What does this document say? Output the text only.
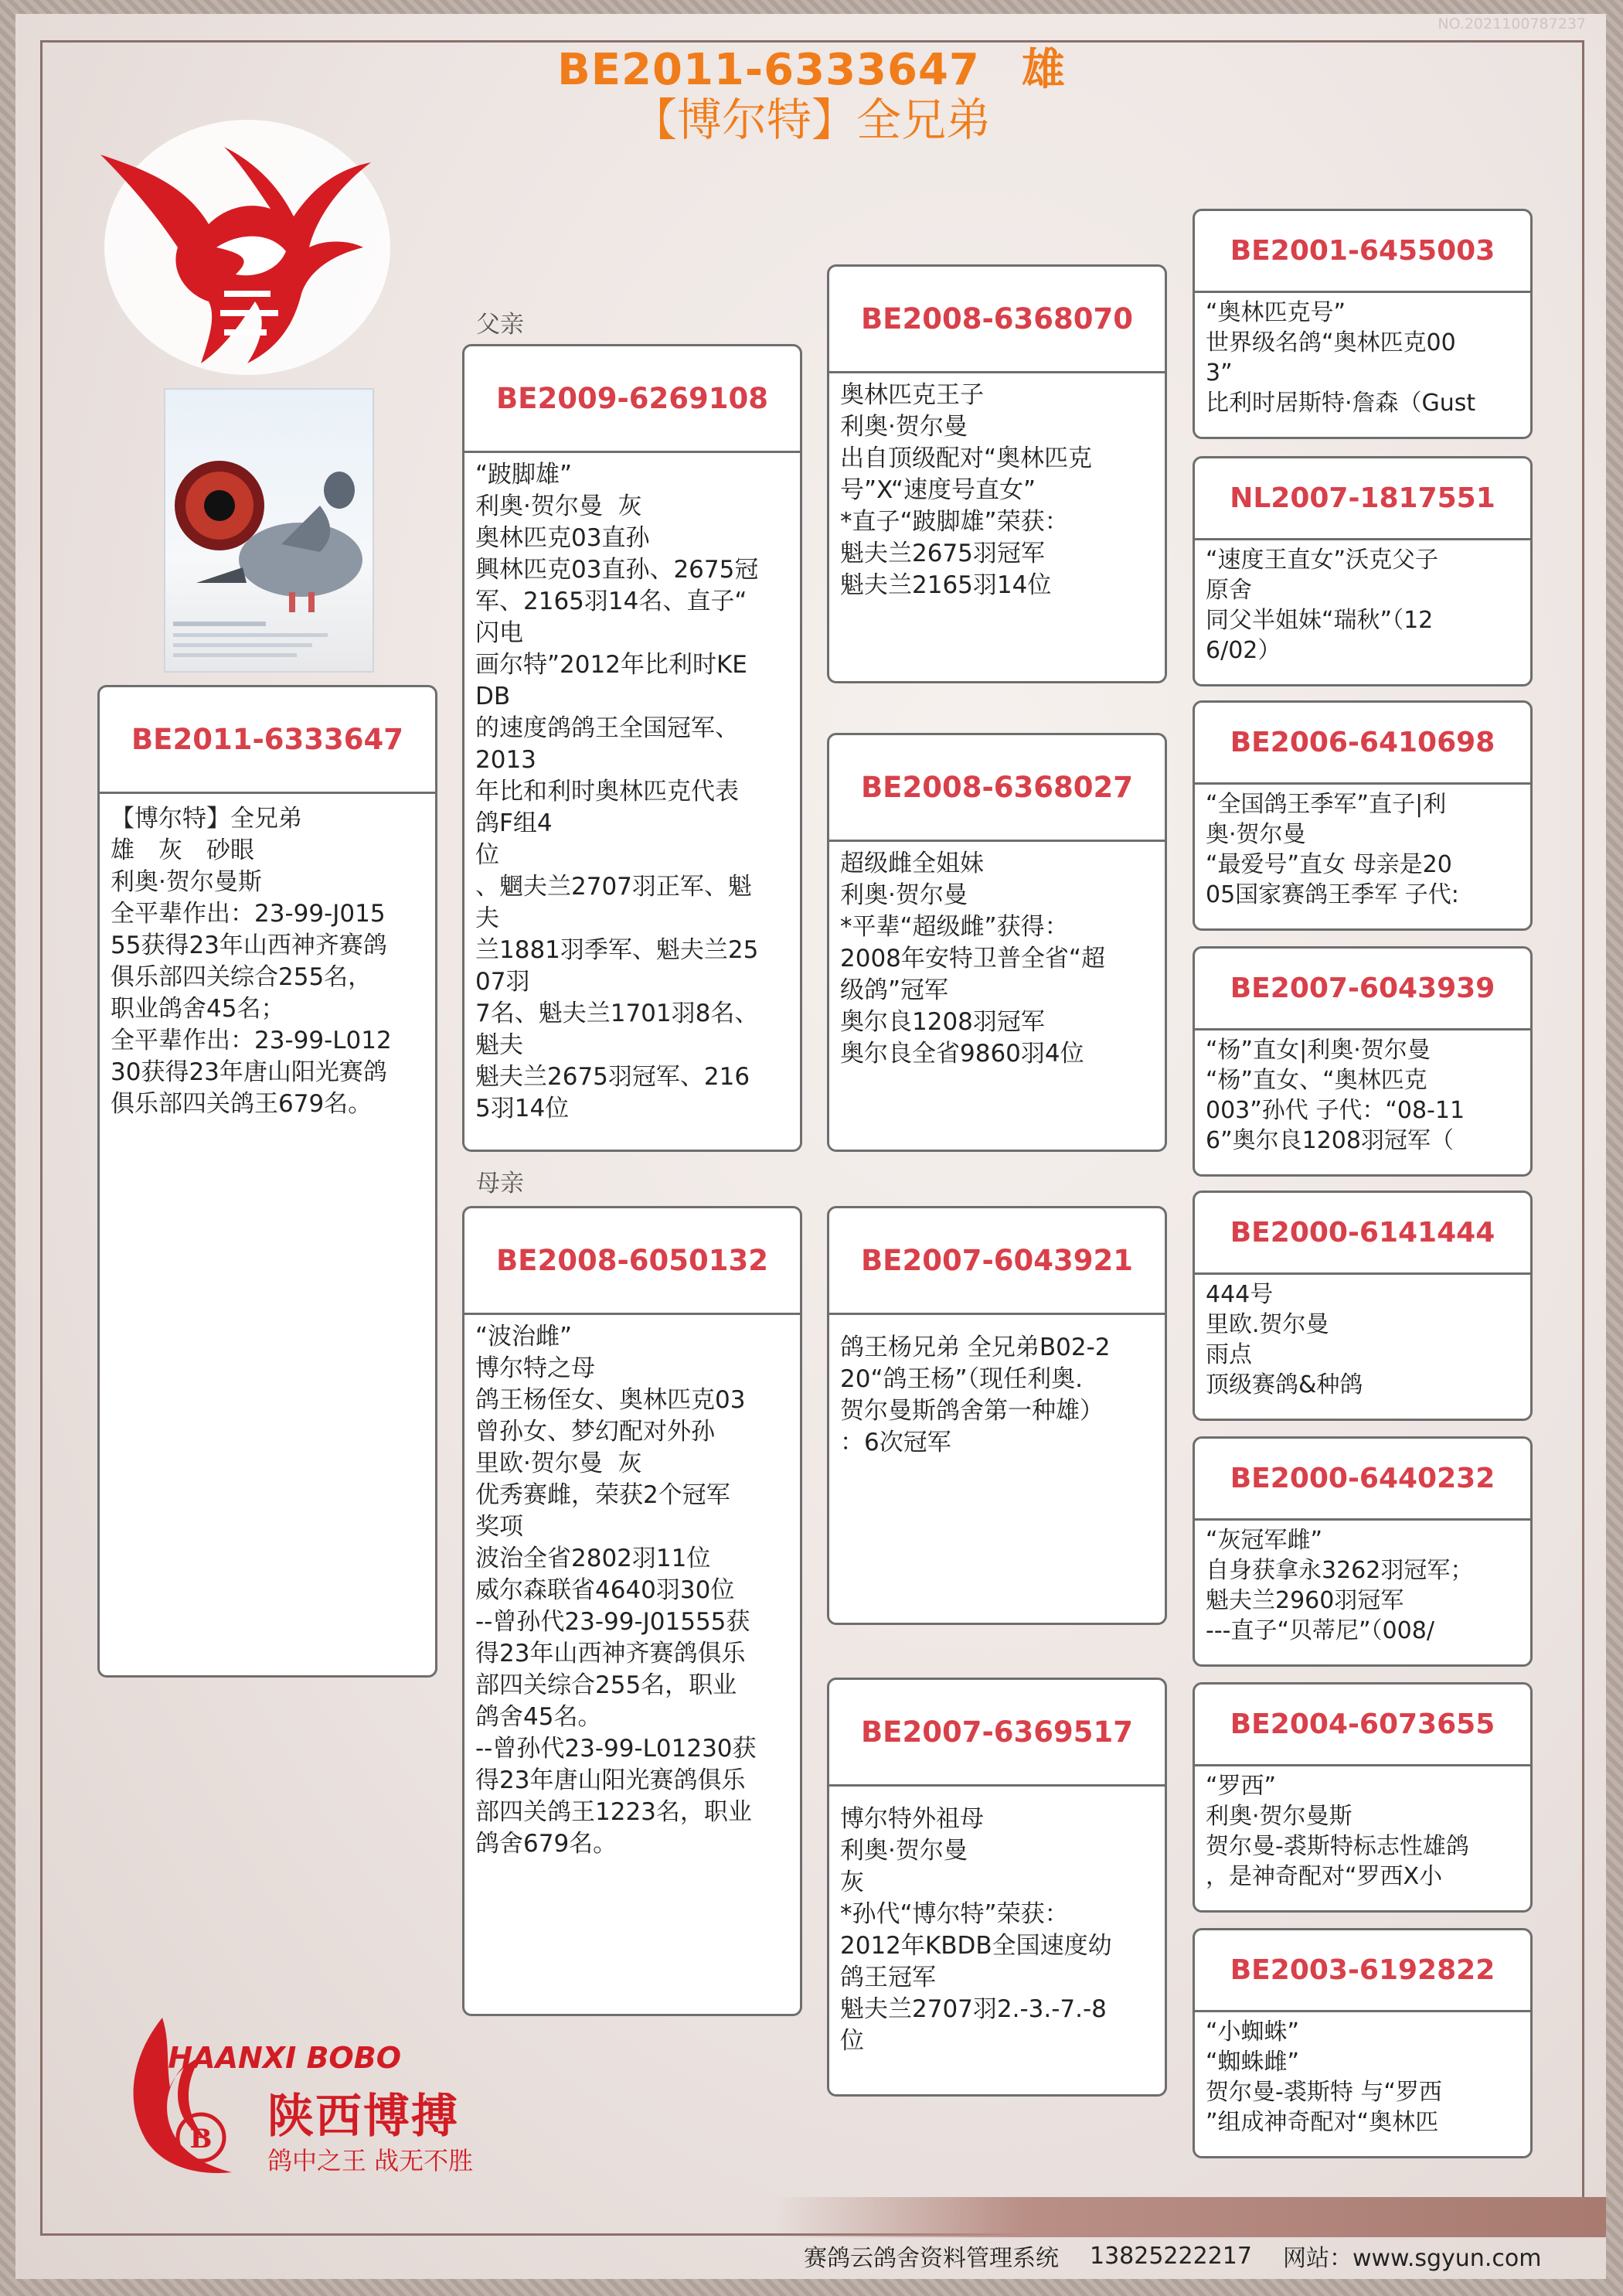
NO.2021100787237
BE2011-6333647 雄
【博尔特】全兄弟
父亲
母亲
BE2011-6333647
【博尔特】全兄弟
雄　灰　砂眼
利奥·贺尔曼斯
全平辈作出：23-99-J015
55获得23年山西神齐赛鸽
俱乐部四关综合255名，
职业鸽舍45名；
全平辈作出：23-99-L012
30获得23年唐山阳光赛鸽
俱乐部四关鸽王679名。
BE2009-6269108
“跛脚雄”
利奥·贺尔曼  灰
奥林匹克03直孙
興林匹克03直孙、2675冠
军、2165羽14名、直子“
闪电
画尔特”2012年比利时KE
DB
的速度鸽鸽王全国冠军、
2013
年比和利时奥林匹克代表
鸽F组4
位
、魍夫兰2707羽正军、魁
夫
兰1881羽季军、魁夫兰25
07羽
7名、魁夫兰1701羽8名、
魁夫
魁夫兰2675羽冠军、216
5羽14位
BE2008-6050132
“波治雌”
博尔特之母
鸽王杨侄女、奥林匹克03
曾孙女、梦幻配对外孙
里欧·贺尔曼  灰
优秀赛雌，荣获2个冠军
奖项
波治全省2802羽11位
威尔森联省4640羽30位
--曾孙代23-99-J01555获
得23年山西神齐赛鸽俱乐
部四关综合255名，职业
鸽舍45名。
--曾孙代23-99-L01230获
得23年唐山阳光赛鸽俱乐
部四关鸽王1223名，职业
鸽舍679名。
BE2008-6368070
奥林匹克王子
利奥·贺尔曼
出自顶级配对“奥林匹克
号”X“速度号直女”
*直子“跛脚雄”荣获：
魁夫兰2675羽冠军
魁夫兰2165羽14位
BE2008-6368027
超级雌全姐妹
利奥·贺尔曼
*平辈“超级雌”获得：
2008年安特卫普全省“超
级鸽”冠军
奥尔良1208羽冠军
奥尔良全省9860羽4位
BE2007-6043921
鸽王杨兄弟 全兄弟B02-2
20“鸽王杨”（现任利奥.
贺尔曼斯鸽舍第一种雄）
：6次冠军
BE2007-6369517
博尔特外祖母
利奥·贺尔曼
灰
*孙代“博尔特”荣获：
2012年KBDB全国速度幼
鸽王冠军
魁夫兰2707羽2.-3.-7.-8
位
BE2001-6455003
“奥林匹克号”
世界级名鸽“奥林匹克00
3”
比利时居斯特·詹森（Gust
NL2007-1817551
“速度王直女”沃克父子
原舍
同父半姐妹“瑞秋”（12
6/02）
BE2006-6410698
“全国鸽王季军”直子|利
奥·贺尔曼
“最爱号”直女 母亲是20
05国家赛鸽王季军 子代:
BE2007-6043939
“杨”直女|利奥·贺尔曼
“杨”直女、“奥林匹克
003”孙代 子代：“08-11
6”奥尔良1208羽冠军（
BE2000-6141444
444号
里欧.贺尔曼
雨点
顶级赛鸽&种鸽
BE2000-6440232
“灰冠军雌”
自身获拿永3262羽冠军；
魁夫兰2960羽冠军
---直子“贝蒂尼”（008/
BE2004-6073655
“罗西”
利奥·贺尔曼斯
贺尔曼-裘斯特标志性雄鸽
，是神奇配对“罗西X小
BE2003-6192822
“小蜘蛛”
“蜘蛛雌”
贺尔曼-裘斯特 与“罗西
”组成神奇配对“奥林匹
B
SHAANXI BOBO
陕西博搏
鸽中之王 战无不胜
赛鸽云鸽舍资料管理系统 13825222217 网站：www.sgyun.com
